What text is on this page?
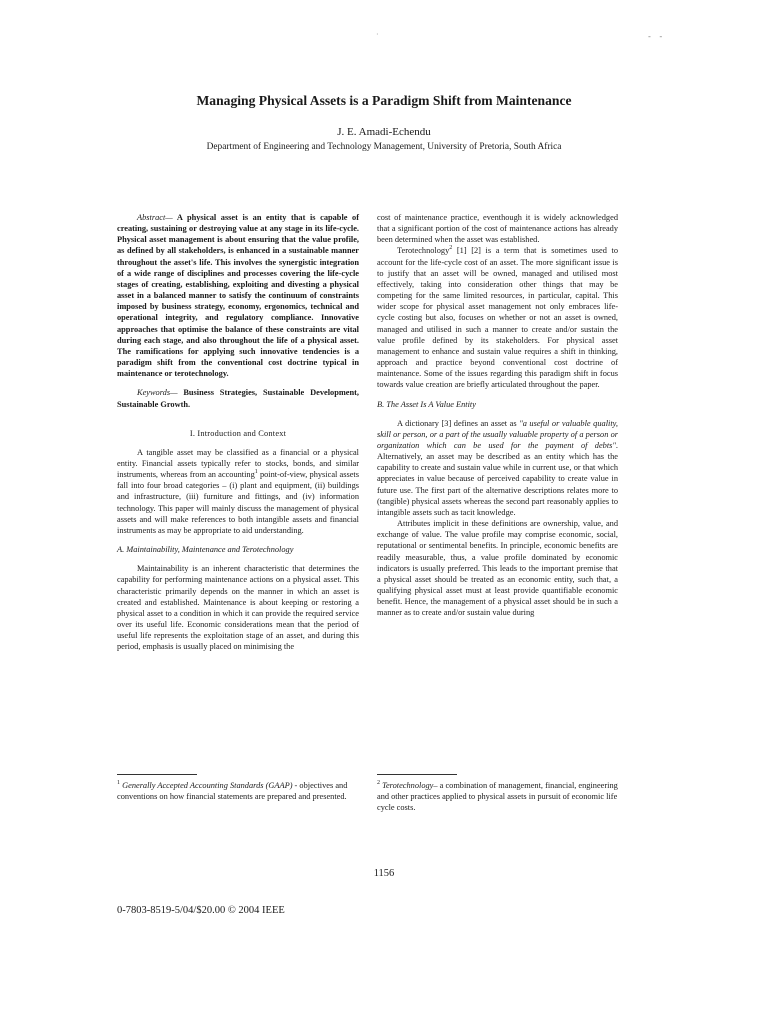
·	- -
Managing Physical Assets is a Paradigm Shift from Maintenance
J. E. Amadi-Echendu
Department of Engineering and Technology Management, University of Pretoria, South Africa

Abstract— A physical asset is an entity that is capable of creating, sustaining or destroying value at any stage in its life-cycle. Physical asset management is about ensuring that the value profile, as defined by all stakeholders, is enhanced in a sustainable manner throughout the asset's life. This involves the synergistic integration of a wide range of disciplines and processes covering the life-cycle stages of creating, establishing, exploiting and divesting a physical asset in a balanced manner to satisfy the continuum of constraints imposed by business strategy, economy, ergonomics, technical and operational integrity, and regulatory compliance. Innovative approaches that optimise the balance of these constraints are vital during each stage, and also throughout the life of a physical asset. The ramifications for applying such innovative tendencies is a paradigm shift from the conventional cost doctrine typical in maintenance or terotechnology.

Keywords— Business Strategies, Sustainable Development, Sustainable Growth.

I. Introduction and Context

A tangible asset may be classified as a financial or a physical entity. Financial assets typically refer to stocks, bonds, and similar instruments, whereas from an accounting$^1$ point-of-view, physical assets fall into four broad categories – (i) plant and equipment, (ii) buildings and infrastructure, (iii) furniture and fittings, and (iv) information technology. This paper will mainly discuss the management of physical assets and will make references to both intangible assets and financial instruments as may be appropriate to aid understanding.

A. Maintainability, Maintenance and Terotechnology

Maintainability is an inherent characteristic that determines the capability for performing maintenance actions on a physical asset. This characteristic primarily depends on the manner in which an asset is created and established. Maintenance is about keeping or restoring a physical asset to a condition in which it can provide the required service over its useful life. Economic considerations mean that the period of useful life represents the exploitation stage of an asset, and during this period, emphasis is usually placed on minimising the

cost of maintenance practice, eventhough it is widely acknowledged that a significant portion of the cost of maintenance actions has already been determined when the asset was established.

Terotechnology$^2$ [1] [2] is a term that is sometimes used to account for the life-cycle cost of an asset. The more significant issue is to justify that an asset will be owned, managed and utilised most effectively, taking into consideration other things that may be competing for the same limited resources, in particular, capital. This wider scope for physical asset management not only embraces life-cycle costing but also, focuses on whether or not an asset is owned, managed and utilised in such a manner to create and/or sustain the value profile defined by its stakeholders. For physical asset management to enhance and sustain value requires a shift in thinking, approach and practice beyond conventional cost doctrine of maintenance. Some of the issues regarding this paradigm shift in focus towards value creation are briefly articulated throughout the paper.

B. The Asset Is A Value Entity

A dictionary [3] defines an asset as "a useful or valuable quality, skill or person, or a part of the usually valuable property of a person or organization which can be used for the payment of debts". Alternatively, an asset may be described as an entity which has the capability to create and sustain value while in current use, or that which appreciates in value because of perceived capability to create value in future use. The first part of the alternative descriptions relates more to (tangible) physical assets whereas the second part reasonably applies to intangible assets such as tacit knowledge.

Attributes implicit in these definitions are ownership, value, and exchange of value. The value profile may comprise economic, social, reputational or sentimental benefits. In principle, economic benefits are readily measurable, thus, a value profile dominated by economic indicators is usually preferred. This leads to the important premise that a physical asset should be treated as an economic entity, such that, a qualifying physical asset must at least provide quantifiable economic benefit. Hence, the management of a physical asset should be in such a manner as to create and/or sustain value during

$^1$ Generally Accepted Accounting Standards (GAAP) - objectives and conventions on how financial statements are prepared and presented.
$^2$ Terotechnology– a combination of management, financial, engineering and other practices applied to physical assets in pursuit of economic life cycle costs.
1156
0-7803-8519-5/04/$20.00 © 2004 IEEE
